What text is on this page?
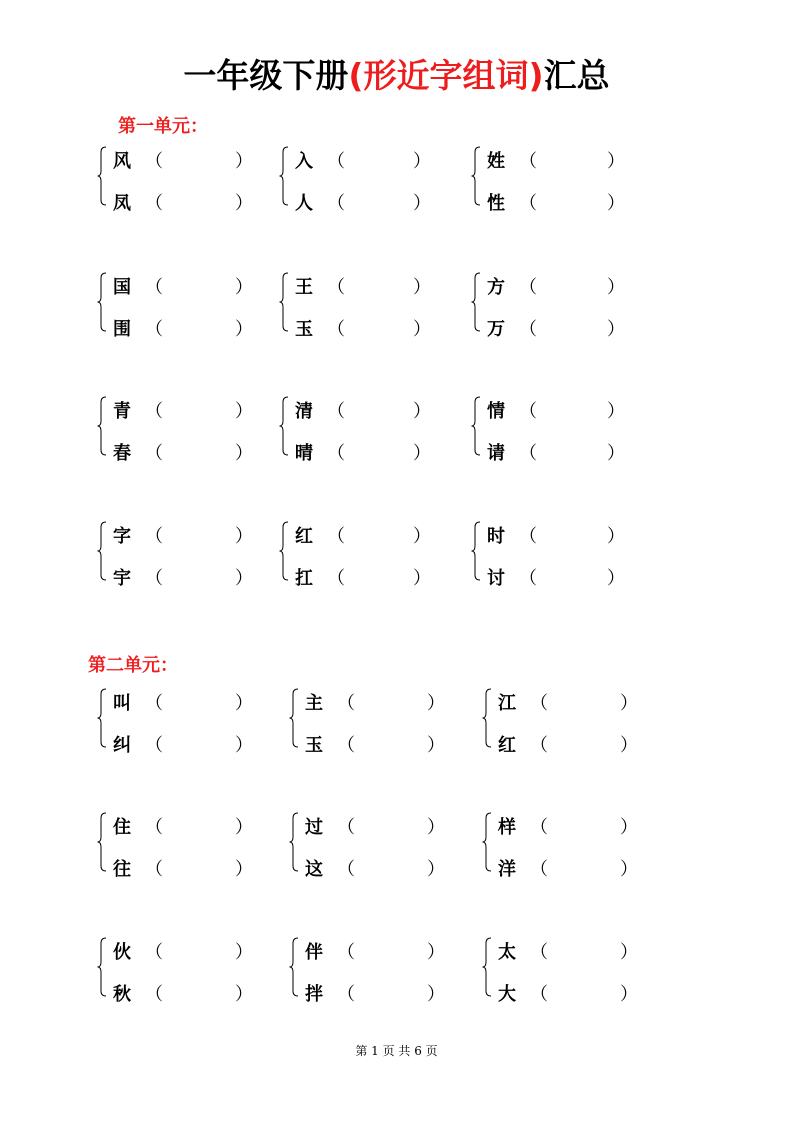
一年级下册(形近字组词)汇总
第一单元：
第二单元：
风 （	）
凤 （	）
入 （	）
人 （	）
姓 （	）
性 （	）
国 （	）
围 （	）
王 （	）
玉 （	）
方 （	）
万 （	）
青 （	）
春 （	）
清 （	）
晴 （	）
情 （	）
请 （	）
字 （	）
宇 （	）
红 （	）
扛 （	）
时 （	）
讨 （	）
叫 （	）
纠 （	）
主 （	）
玉 （	）
江 （	）
红 （	）
住 （	）
往 （	）
过 （	）
这 （	）
样 （	）
洋 （	）
伙 （	）
秋 （	）
伴 （	）
拌 （	）
太 （	）
大 （	）
第 1 页 共 6 页
